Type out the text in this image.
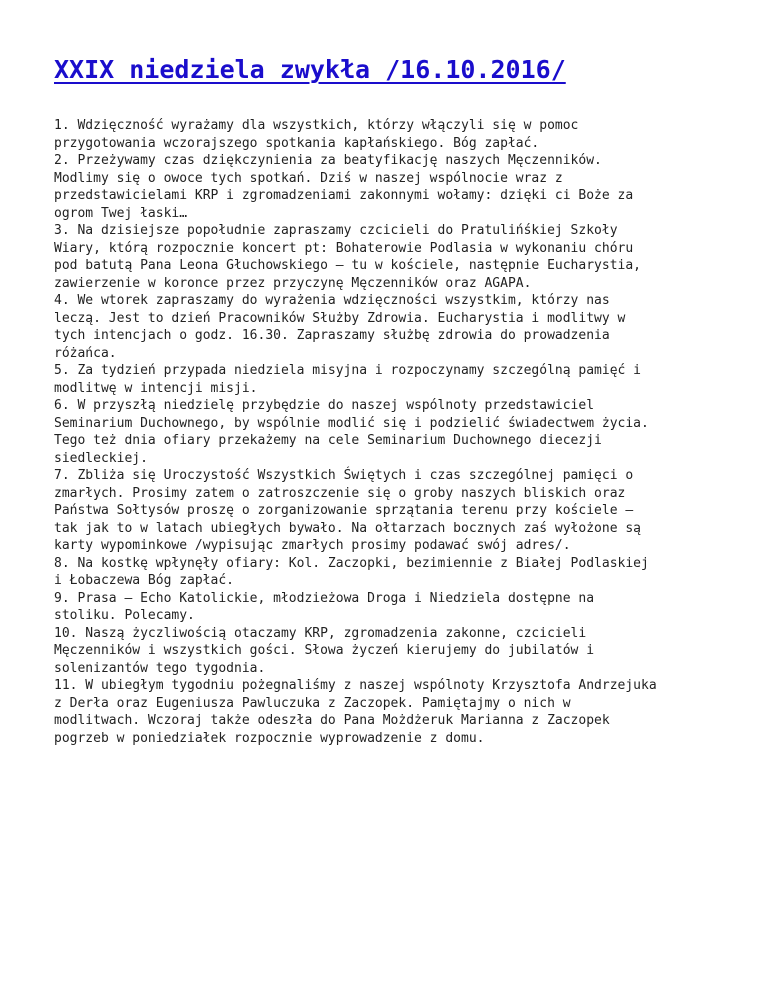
XXIX niedziela zwykła /16.10.2016/
1. Wdzięczność wyrażamy dla wszystkich, którzy włączyli się w pomoc
przygotowania wczorajszego spotkania kapłańskiego. Bóg zapłać.
2. Przeżywamy czas dziękczynienia za beatyfikację naszych Męczenników.
Modlimy się o owoce tych spotkań. Dziś w naszej wspólnocie wraz z
przedstawicielami KRP i zgromadzeniami zakonnymi wołamy: dzięki ci Boże za
ogrom Twej łaski…
3. Na dzisiejsze popołudnie zapraszamy czcicieli do Pratulińśkiej Szkoły
Wiary, którą rozpocznie koncert pt: Bohaterowie Podlasia w wykonaniu chóru
pod batutą Pana Leona Głuchowskiego – tu w kościele, następnie Eucharystia,
zawierzenie w koronce przez przyczynę Męczenników oraz AGAPA.
4. We wtorek zapraszamy do wyrażenia wdzięczności wszystkim, którzy nas
leczą. Jest to dzień Pracowników Służby Zdrowia. Eucharystia i modlitwy w
tych intencjach o godz. 16.30. Zapraszamy służbę zdrowia do prowadzenia
różańca.
5. Za tydzień przypada niedziela misyjna i rozpoczynamy szczególną pamięć i
modlitwę w intencji misji.
6. W przyszłą niedzielę przybędzie do naszej wspólnoty przedstawiciel
Seminarium Duchownego, by wspólnie modlić się i podzielić świadectwem życia.
Tego też dnia ofiary przekażemy na cele Seminarium Duchownego diecezji
siedleckiej.
7. Zbliża się Uroczystość Wszystkich Świętych i czas szczególnej pamięci o
zmarłych. Prosimy zatem o zatroszczenie się o groby naszych bliskich oraz
Państwa Sołtysów proszę o zorganizowanie sprzątania terenu przy kościele –
tak jak to w latach ubiegłych bywało. Na ołtarzach bocznych zaś wyłożone są
karty wypominkowe /wypisując zmarłych prosimy podawać swój adres/.
8. Na kostkę wpłynęły ofiary: Kol. Zaczopki, bezimiennie z Białej Podlaskiej
i Łobaczewa Bóg zapłać.
9. Prasa – Echo Katolickie, młodzieżowa Droga i Niedziela dostępne na
stoliku. Polecamy.
10. Naszą życzliwością otaczamy KRP, zgromadzenia zakonne, czcicieli
Męczenników i wszystkich gości. Słowa życzeń kierujemy do jubilatów i
solenizantów tego tygodnia.
11. W ubiegłym tygodniu pożegnaliśmy z naszej wspólnoty Krzysztofa Andrzejuka
z Derła oraz Eugeniusza Pawluczuka z Zaczopek. Pamiętajmy o nich w
modlitwach. Wczoraj także odeszła do Pana Możdżeruk Marianna z Zaczopek
pogrzeb w poniedziałek rozpocznie wyprowadzenie z domu.
